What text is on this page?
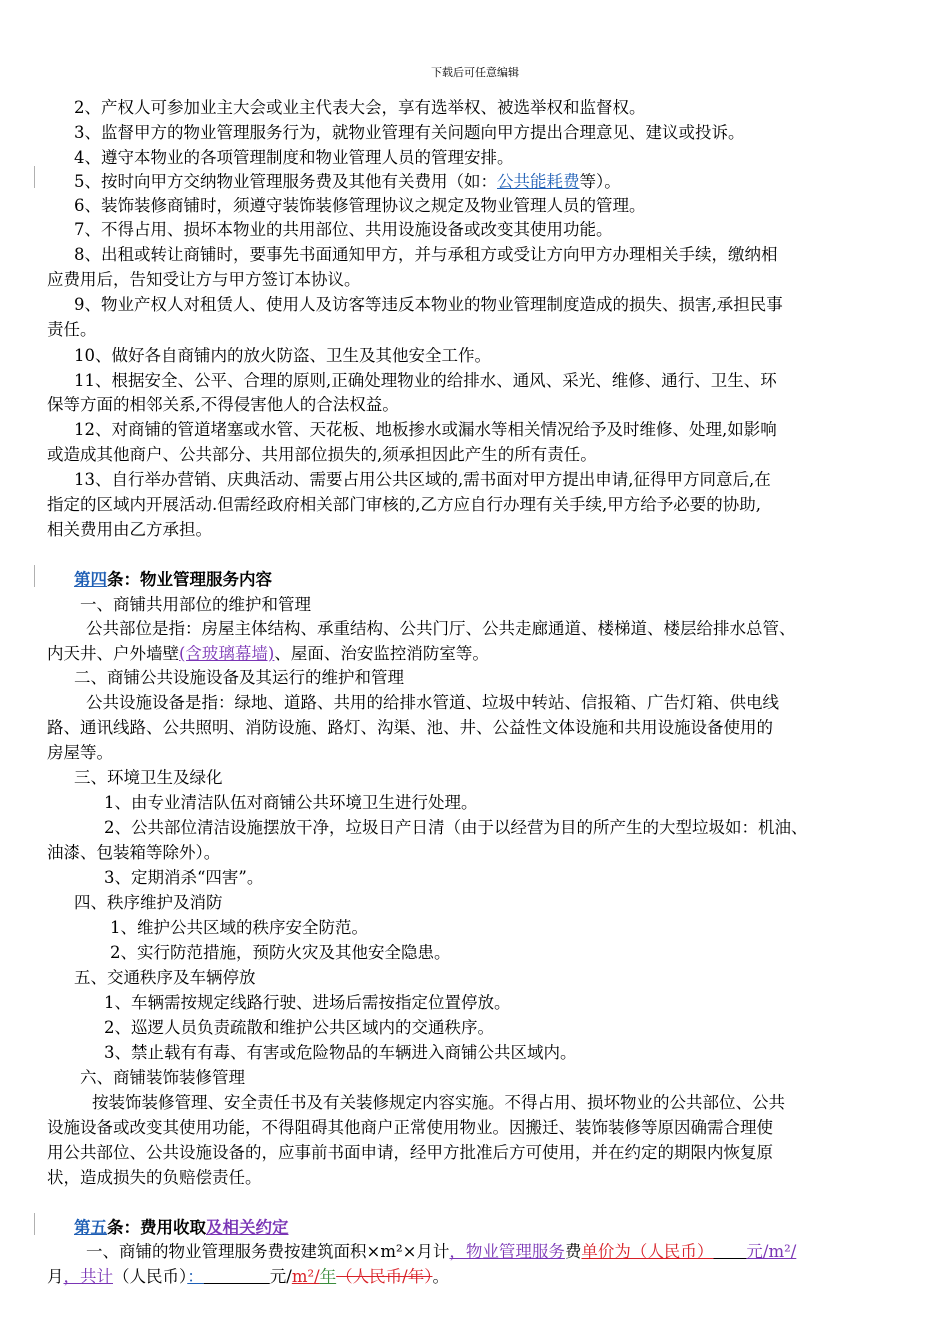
下载后可任意编辑
2、产权人可参加业主大会或业主代表大会，享有选举权、被选举权和监督权。
3、监督甲方的物业管理服务行为，就物业管理有关问题向甲方提出合理意见、建议或投诉。
4、遵守本物业的各项管理制度和物业管理人员的管理安排。
5、按时向甲方交纳物业管理服务费及其他有关费用（如：公共能耗费等）。
6、装饰装修商铺时，须遵守装饰装修管理协议之规定及物业管理人员的管理。
7、不得占用、损坏本物业的共用部位、共用设施设备或改变其使用功能。
8、出租或转让商铺时，要事先书面通知甲方，并与承租方或受让方向甲方办理相关手续，缴纳相
应费用后，告知受让方与甲方签订本协议。
9、物业产权人对租赁人、使用人及访客等违反本物业的物业管理制度造成的损失、损害,承担民事
责任。
10、做好各自商铺内的放火防盗、卫生及其他安全工作。
11、根据安全、公平、合理的原则,正确处理物业的给排水、通风、采光、维修、通行、卫生、环
保等方面的相邻关系,不得侵害他人的合法权益。
12、对商铺的管道堵塞或水管、天花板、地板掺水或漏水等相关情况给予及时维修、处理,如影响
或造成其他商户、公共部分、共用部位损失的,须承担因此产生的所有责任。
13、自行举办营销、庆典活动、需要占用公共区域的,需书面对甲方提出申请,征得甲方同意后,在
指定的区域内开展活动.但需经政府相关部门审核的,乙方应自行办理有关手续,甲方给予必要的协助,
相关费用由乙方承担。
第四条：物业管理服务内容
一、商铺共用部位的维护和管理
公共部位是指：房屋主体结构、承重结构、公共门厅、公共走廊通道、楼梯道、楼层给排水总管、
内天井、户外墙壁(含玻璃幕墙)、屋面、治安监控消防室等。
二、商铺公共设施设备及其运行的维护和管理
公共设施设备是指：绿地、道路、共用的给排水管道、垃圾中转站、信报箱、广告灯箱、供电线
路、通讯线路、公共照明、消防设施、路灯、沟渠、池、井、公益性文体设施和共用设施设备使用的
房屋等。
三、环境卫生及绿化
1、由专业清洁队伍对商铺公共环境卫生进行处理。
2、公共部位清洁设施摆放干净，垃圾日产日清（由于以经营为目的所产生的大型垃圾如：机油、
油漆、包装箱等除外）。
3、定期消杀“四害”。
四、秩序维护及消防
1、维护公共区域的秩序安全防范。
2、实行防范措施，预防火灾及其他安全隐患。
五、交通秩序及车辆停放
1、车辆需按规定线路行驶、进场后需按指定位置停放。
2、巡逻人员负责疏散和维护公共区域内的交通秩序。
3、禁止载有有毒、有害或危险物品的车辆进入商铺公共区域内。
六、商铺装饰装修管理
按装饰装修管理、安全责任书及有关装修规定内容实施。不得占用、损坏物业的公共部位、公共
设施设备或改变其使用功能，不得阻碍其他商户正常使用物业。因搬迁、装饰装修等原因确需合理使
用公共部位、公共设施设备的，应事前书面申请，经甲方批准后方可使用，并在约定的期限内恢复原
状，造成损失的负赔偿责任。
第五条：费用收取及相关约定
一、商铺的物业管理服务费按建筑面积×m²×月计，物业管理服务费单价为（人民币）   元/m²/
月，共计（人民币）：    	元/m²/年（人民币/年）。
